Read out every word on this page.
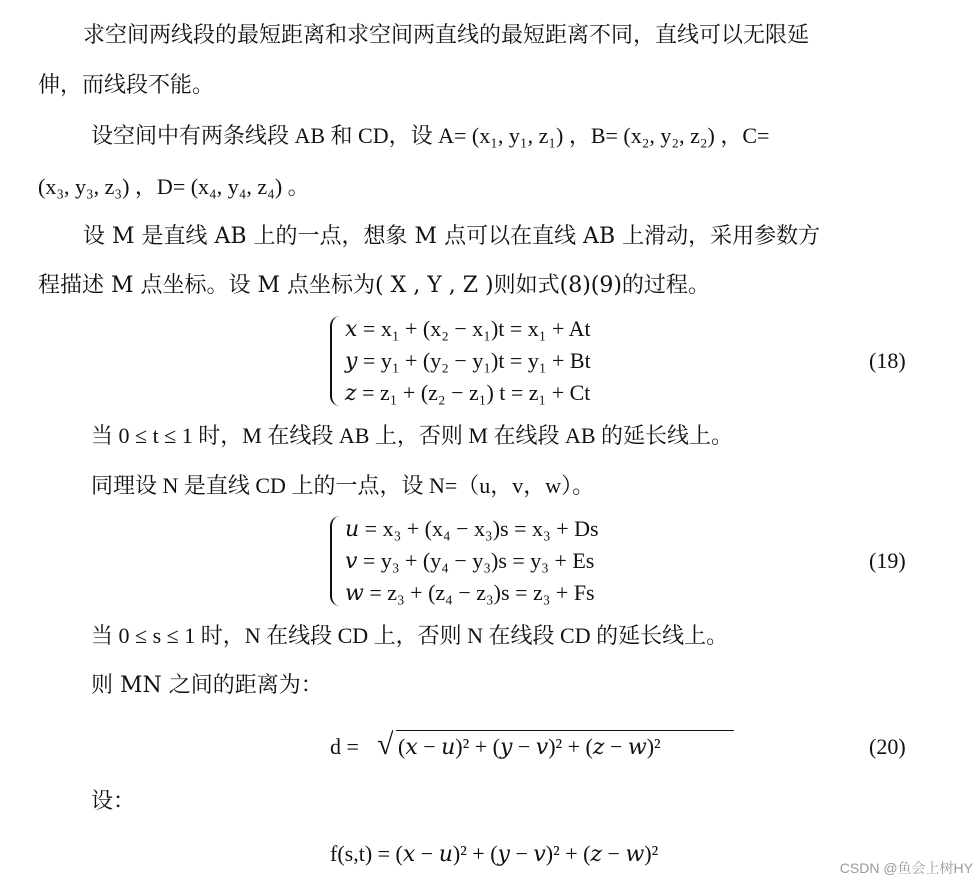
求空间两线段的最短距离和求空间两直线的最短距离不同，直线可以无限延
伸，而线段不能。
设空间中有两条线段 AB 和 CD，设 A= (x₁, y₁, z₁) ，B= (x₂, y₂, z₂) ，C=
(x₃, y₃, z₃) ，D= (x₄, y₄, z₄) 。
设 M 是直线 AB 上的一点，想象 M 点可以在直线 AB 上滑动，采用参数方
程描述 M 点坐标。设 M 点坐标为( X , Y , Z )则如式(8)(9)的过程。
𝑥 = x₁ + (x₂ − x₁)t = x₁ + At
𝑦 = y₁ + (y₂ − y₁)t = y₁ + Bt
𝑧 = z₁ + (z₂ − z₁) t = z₁ + Ct
(18)
当 0 ≤ t ≤ 1 时，M 在线段 AB 上，否则 M 在线段 AB 的延长线上。
同理设 N 是直线 CD 上的一点，设 N=（u，v，w）。
𝑢 = x₃ + (x₄ − x₃)s = x₃ + Ds
𝑣 = y₃ + (y₄ − y₃)s = y₃ + Es
𝑤 = z₃ + (z₄ − z₃)s = z₃ + Fs
(19)
当 0 ≤ s ≤ 1 时，N 在线段 CD 上，否则 N 在线段 CD 的延长线上。
则 MN 之间的距离为：
d = √ (𝑥 − 𝑢)² + (𝑦 − 𝑣)² + (𝑧 − 𝑤)²	(20)
设：
f(s,t) = (𝑥 − 𝑢)² + (𝑦 − 𝑣)² + (𝑧 − 𝑤)²
CSDN @鱼会上树HY
